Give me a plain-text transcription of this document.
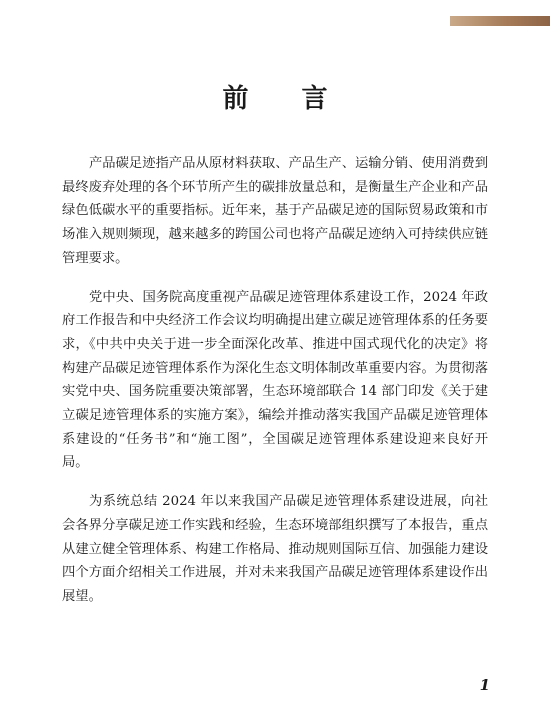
前 言

产品碳足迹指产品从原材料获取、产品生产、运输分销、使用消费到最终废弃处理的各个环节所产生的碳排放量总和，是衡量生产企业和产品绿色低碳水平的重要指标。近年来，基于产品碳足迹的国际贸易政策和市场准入规则频现，越来越多的跨国公司也将产品碳足迹纳入可持续供应链管理要求。

党中央、国务院高度重视产品碳足迹管理体系建设工作，2024 年政府工作报告和中央经济工作会议均明确提出建立碳足迹管理体系的任务要求，《中共中央关于进一步全面深化改革、推进中国式现代化的决定》将构建产品碳足迹管理体系作为深化生态文明体制改革重要内容。为贯彻落实党中央、国务院重要决策部署，生态环境部联合 14 部门印发《关于建立碳足迹管理体系的实施方案》，编绘并推动落实我国产品碳足迹管理体系建设的“任务书”和“施工图”，全国碳足迹管理体系建设迎来良好开局。

为系统总结 2024 年以来我国产品碳足迹管理体系建设进展，向社会各界分享碳足迹工作实践和经验，生态环境部组织撰写了本报告，重点从建立健全管理体系、构建工作格局、推动规则国际互信、加强能力建设四个方面介绍相关工作进展，并对未来我国产品碳足迹管理体系建设作出展望。

1
